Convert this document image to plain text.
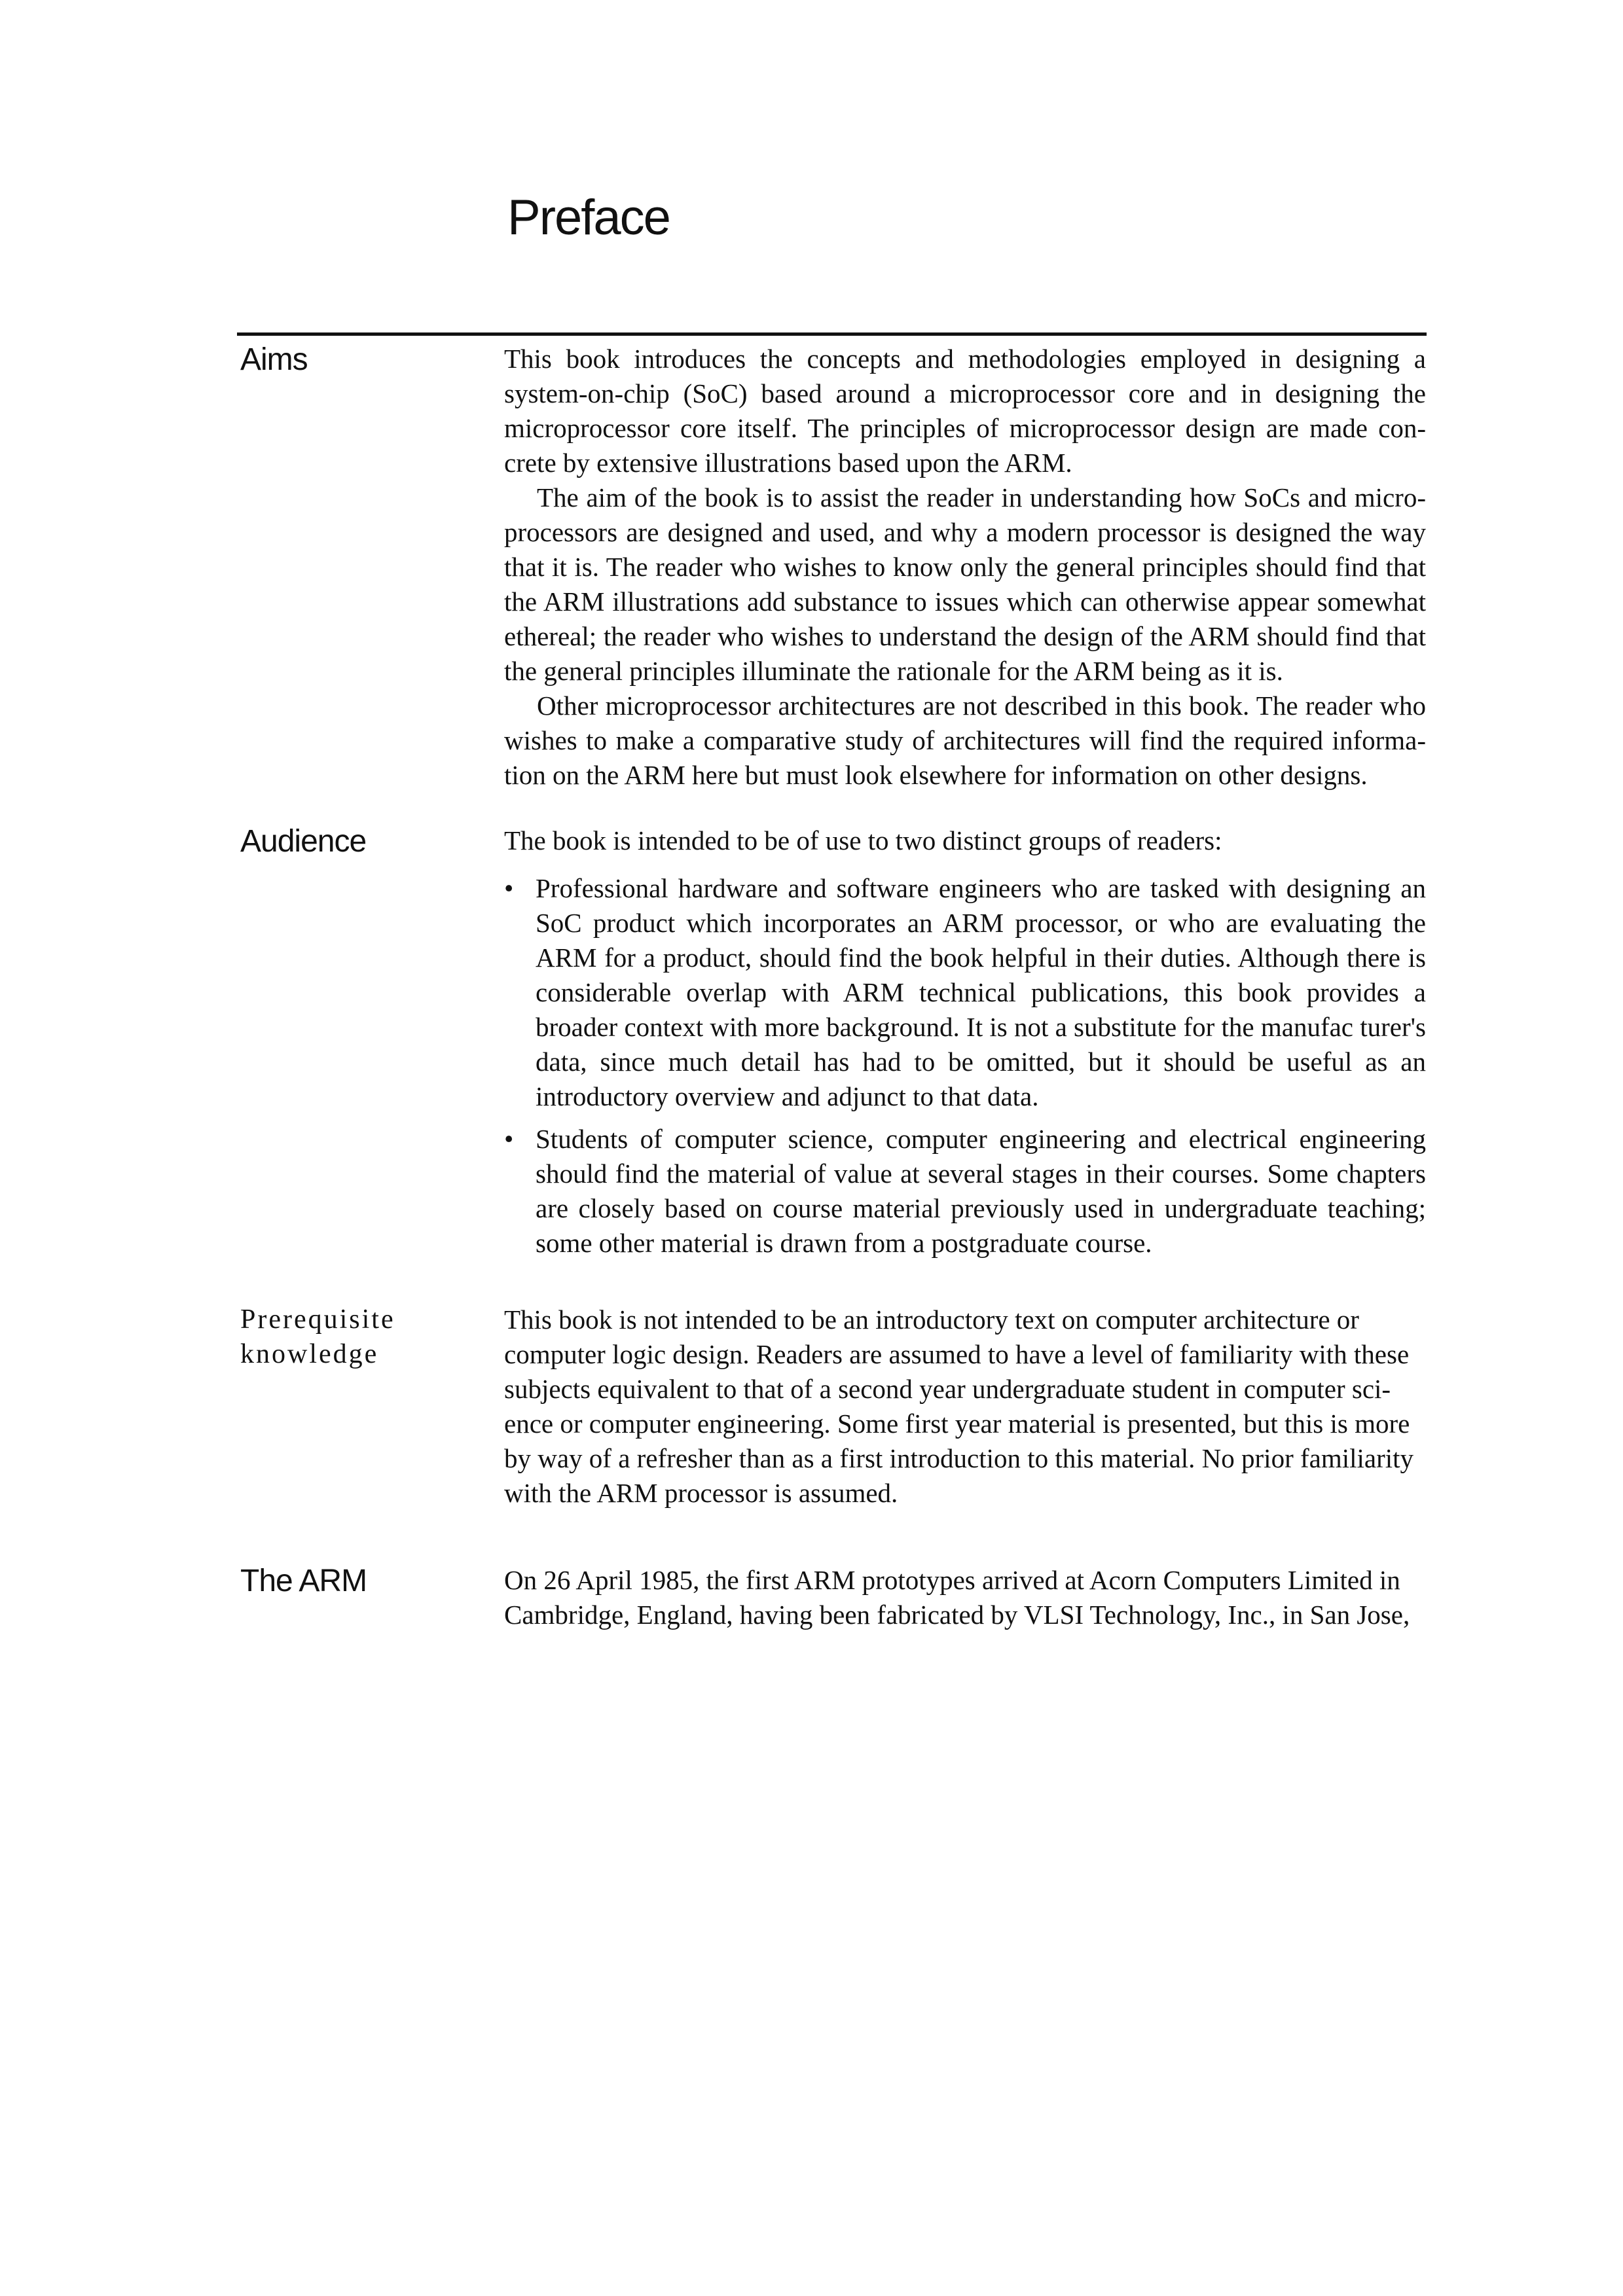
Preface
Aims	This book introduces the concepts and methodologies employed in designing a system-on-chip (SoC) based around a microprocessor core and in designing the microprocessor core itself. The principles of microprocessor design are made con-crete by extensive illustrations based upon the ARM.

The aim of the book is to assist the reader in understanding how SoCs and micro-processors are designed and used, and why a modern processor is designed the way that it is. The reader who wishes to know only the general principles should find that the ARM illustrations add substance to issues which can otherwise appear somewhat ethereal; the reader who wishes to understand the design of the ARM should find that the general principles illuminate the rationale for the ARM being as it is.

Other microprocessor architectures are not described in this book. The reader who wishes to make a comparative study of architectures will find the required informa-tion on the ARM here but must look elsewhere for information on other designs.

Audience	The book is intended to be of use to two distinct groups of readers:

• Professional hardware and software engineers who are tasked with designing an SoC product which incorporates an ARM processor, or who are evaluating the ARM for a product, should find the book helpful in their duties. Although there is considerable overlap with ARM technical publications, this book provides a broader context with more background. It is not a substitute for the manufac turer's data, since much detail has had to be omitted, but it should be useful as an introductory overview and adjunct to that data.

• Students of computer science, computer engineering and electrical engineering should find the material of value at several stages in their courses. Some chapters are closely based on course material previously used in undergraduate teaching; some other material is drawn from a postgraduate course.

Prerequisite
knowledge

This book is not intended to be an introductory text on computer architecture or computer logic design. Readers are assumed to have a level of familiarity with these subjects equivalent to that of a second year undergraduate student in computer sci-ence or computer engineering. Some first year material is presented, but this is more by way of a refresher than as a first introduction to this material. No prior familiarity with the ARM processor is assumed.

The ARM	On 26 April 1985, the first ARM prototypes arrived at Acorn Computers Limited in Cambridge, England, having been fabricated by VLSI Technology, Inc., in San Jose,
